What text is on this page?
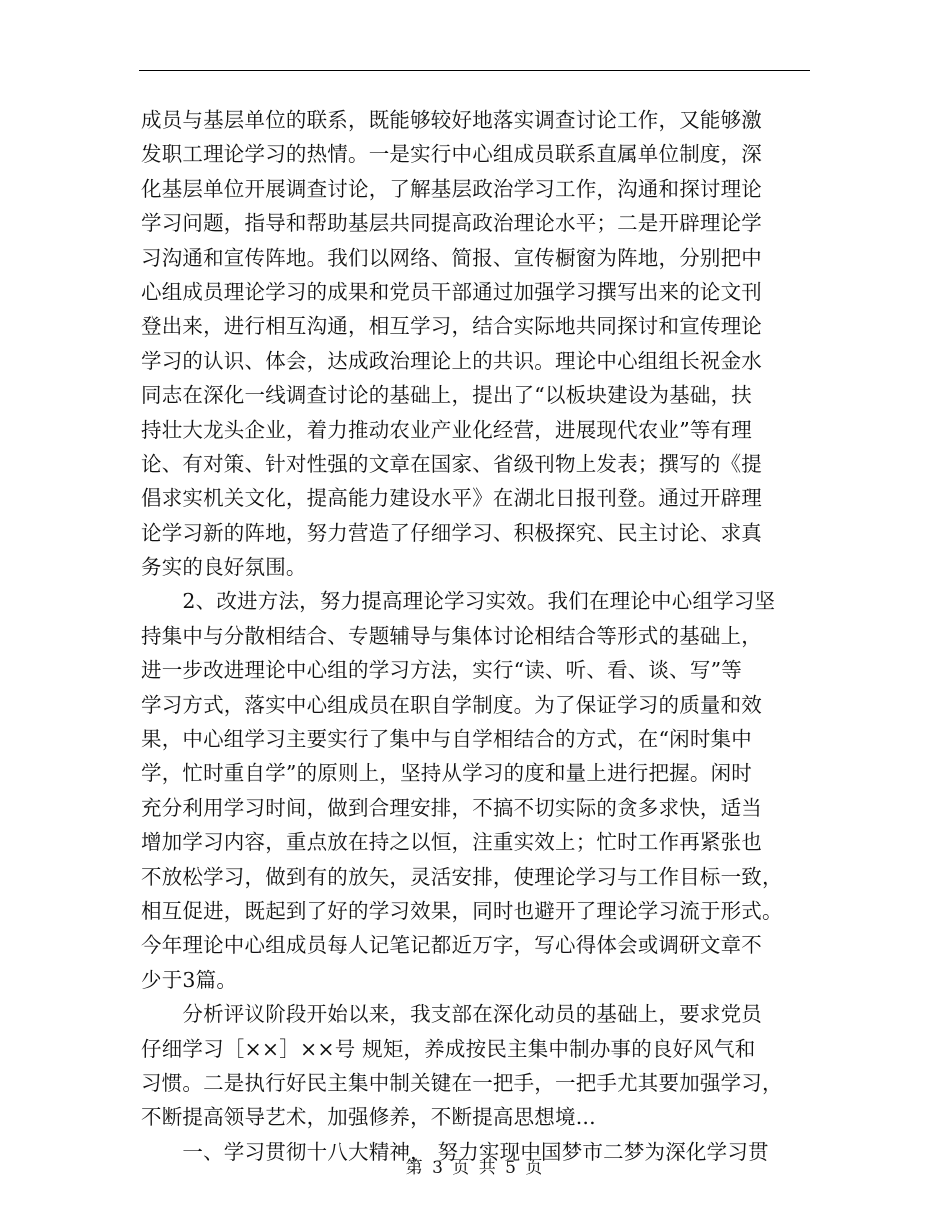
成员与基层单位的联系，既能够较好地落实调查讨论工作，又能够激
发职工理论学习的热情。一是实行中心组成员联系直属单位制度，深
化基层单位开展调查讨论，了解基层政治学习工作，沟通和探讨理论
学习问题，指导和帮助基层共同提高政治理论水平；二是开辟理论学
习沟通和宣传阵地。我们以网络、简报、宣传橱窗为阵地，分别把中
心组成员理论学习的成果和党员干部通过加强学习撰写出来的论文刊
登出来，进行相互沟通，相互学习，结合实际地共同探讨和宣传理论
学习的认识、体会，达成政治理论上的共识。理论中心组组长祝金水
同志在深化一线调查讨论的基础上，提出了“以板块建设为基础，扶
持壮大龙头企业，着力推动农业产业化经营，进展现代农业”等有理
论、有对策、针对性强的文章在国家、省级刊物上发表；撰写的《提
倡求实机关文化，提高能力建设水平》在湖北日报刊登。通过开辟理
论学习新的阵地，努力营造了仔细学习、积极探究、民主讨论、求真
务实的良好氛围。
　　2、改进方法，努力提高理论学习实效。我们在理论中心组学习坚
持集中与分散相结合、专题辅导与集体讨论相结合等形式的基础上，
进一步改进理论中心组的学习方法，实行“读、听、看、谈、写”等
学习方式，落实中心组成员在职自学制度。为了保证学习的质量和效
果，中心组学习主要实行了集中与自学相结合的方式，在“闲时集中
学，忙时重自学”的原则上，坚持从学习的度和量上进行把握。闲时
充分利用学习时间，做到合理安排，不搞不切实际的贪多求快，适当
增加学习内容，重点放在持之以恒，注重实效上；忙时工作再紧张也
不放松学习，做到有的放矢，灵活安排，使理论学习与工作目标一致，
相互促进，既起到了好的学习效果，同时也避开了理论学习流于形式。
今年理论中心组成员每人记笔记都近万字，写心得体会或调研文章不
少于3篇。
　　分析评议阶段开始以来，我支部在深化动员的基础上，要求党员
仔细学习［××］××号 规矩，养成按民主集中制办事的良好风气和
习惯。二是执行好民主集中制关键在一把手，一把手尤其要加强学习，
不断提高领导艺术，加强修养，不断提高思想境...
　　一、学习贯彻十八大精神， 努力实现中国梦市二梦为深化学习贯
第 3 页 共 5 页
